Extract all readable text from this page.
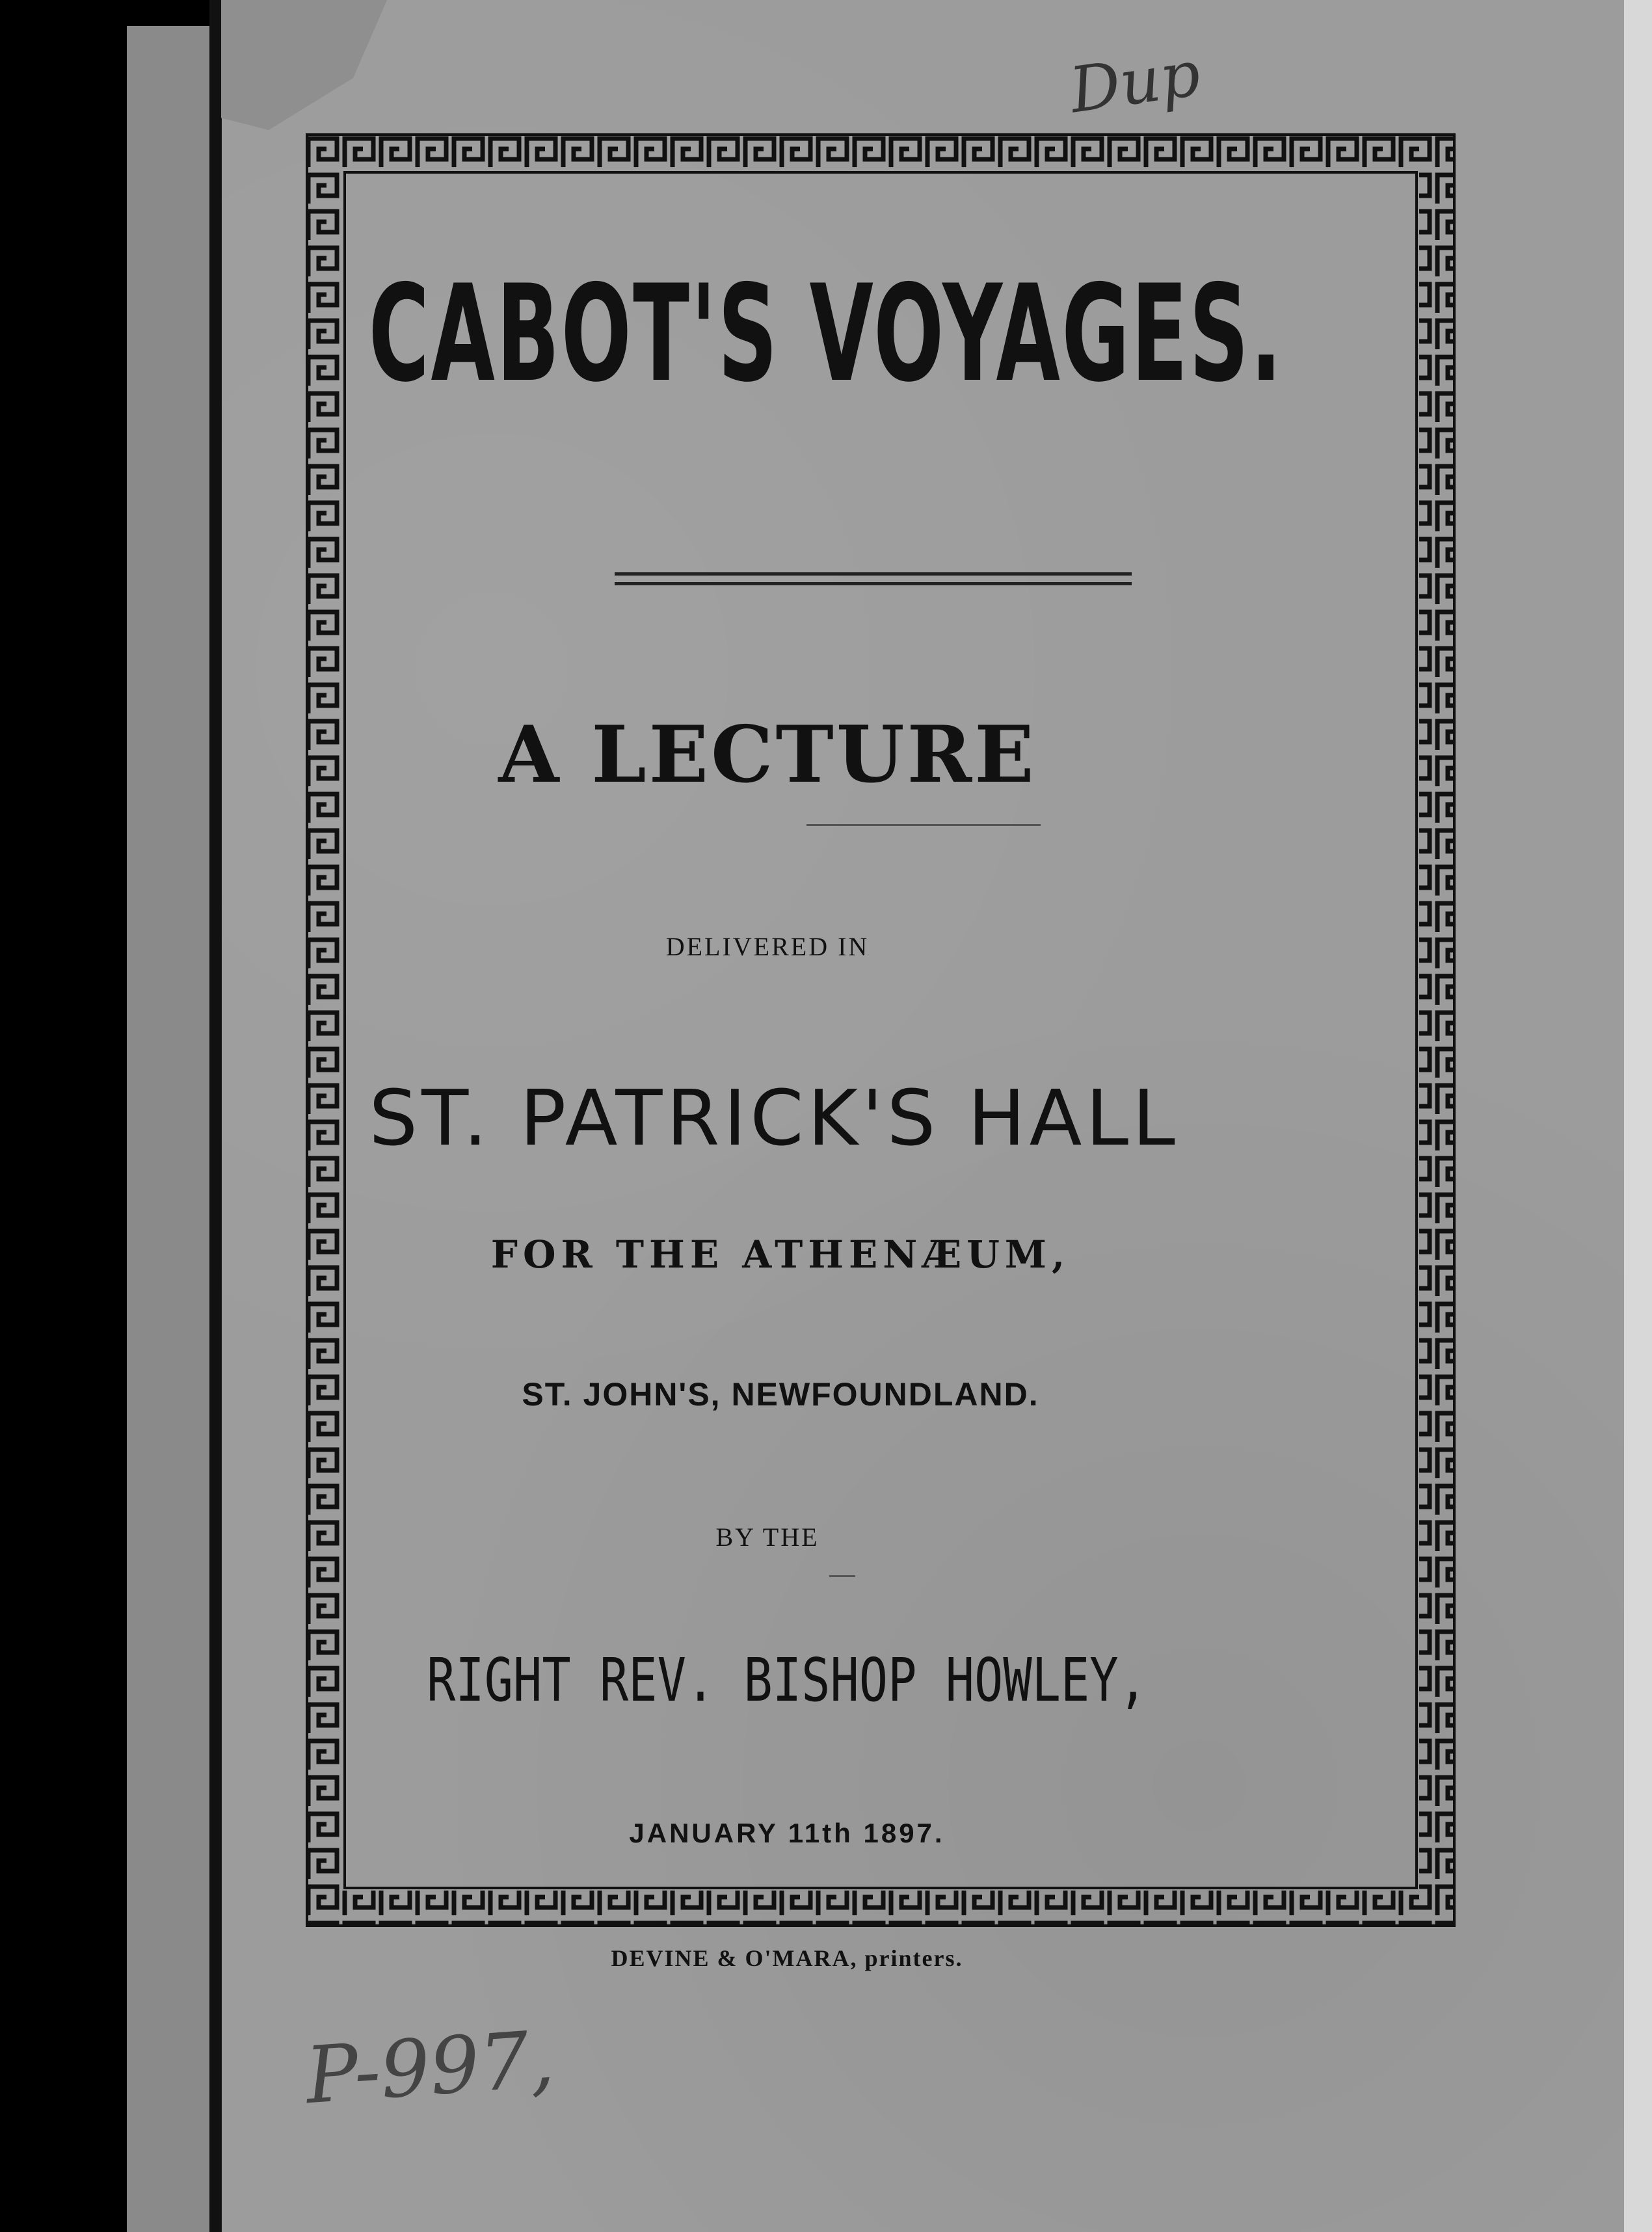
CABOT'S VOYAGES.
A LECTURE
DELIVERED IN
ST. PATRICK'S HALL
FOR THE ATHENÆUM,
ST. JOHN'S, NEWFOUNDLAND.
BY THE
RIGHT REV. BISHOP HOWLEY,
JANUARY 11th 1897.
DEVINE & O'MARA, printers.
Dup
P-997,
